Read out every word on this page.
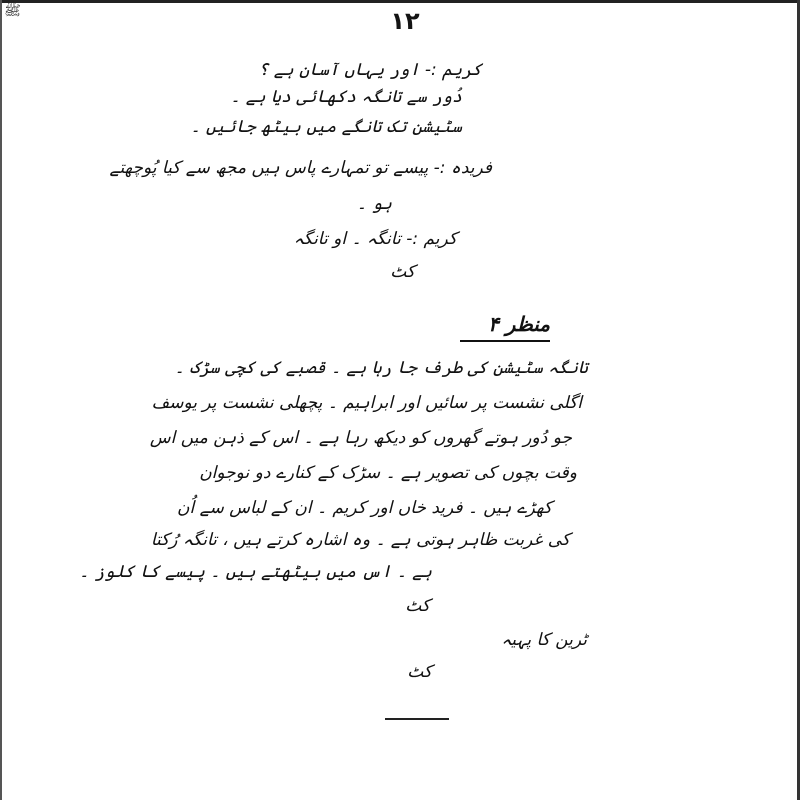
ﷺ	١٢
کریم :- اور یہاں آسان ہے ؟
دُور سے تانگہ دکھائی دیا ہے ۔
سٹیشن تک تانگے میں بیٹھ جائیں ۔
فریدہ :- پیسے تو تمہارے پاس ہیں مجھ سے کیا پُوچھتے
ہو ۔
کریم :- تانگہ ۔ او تانگہ
کٹ
منظر ۴
تانگہ سٹیشن کی طرف جا رہا ہے ۔ قصبے کی کچی سڑک ۔
اگلی نشست پر سائیں اور ابراہیم ۔ پچھلی نشست پر یوسف
جو دُور ہوتے گھروں کو دیکھ رہا ہے ۔ اس کے ذہن میں اس
وقت بچوں کی تصویر ہے ۔ سڑک کے کنارے دو نوجوان
کھڑے ہیں ۔ فرید خاں اور کریم ۔ ان کے لباس سے اُن
کی غربت ظاہر ہوتی ہے ۔ وہ اشارہ کرتے ہیں ، تانگہ رُکتا
ہے ۔ اس میں بیٹھتے ہیں ۔ پیسے کا کلوز ۔
کٹ
ٹرین کا پہیہ
کٹ
